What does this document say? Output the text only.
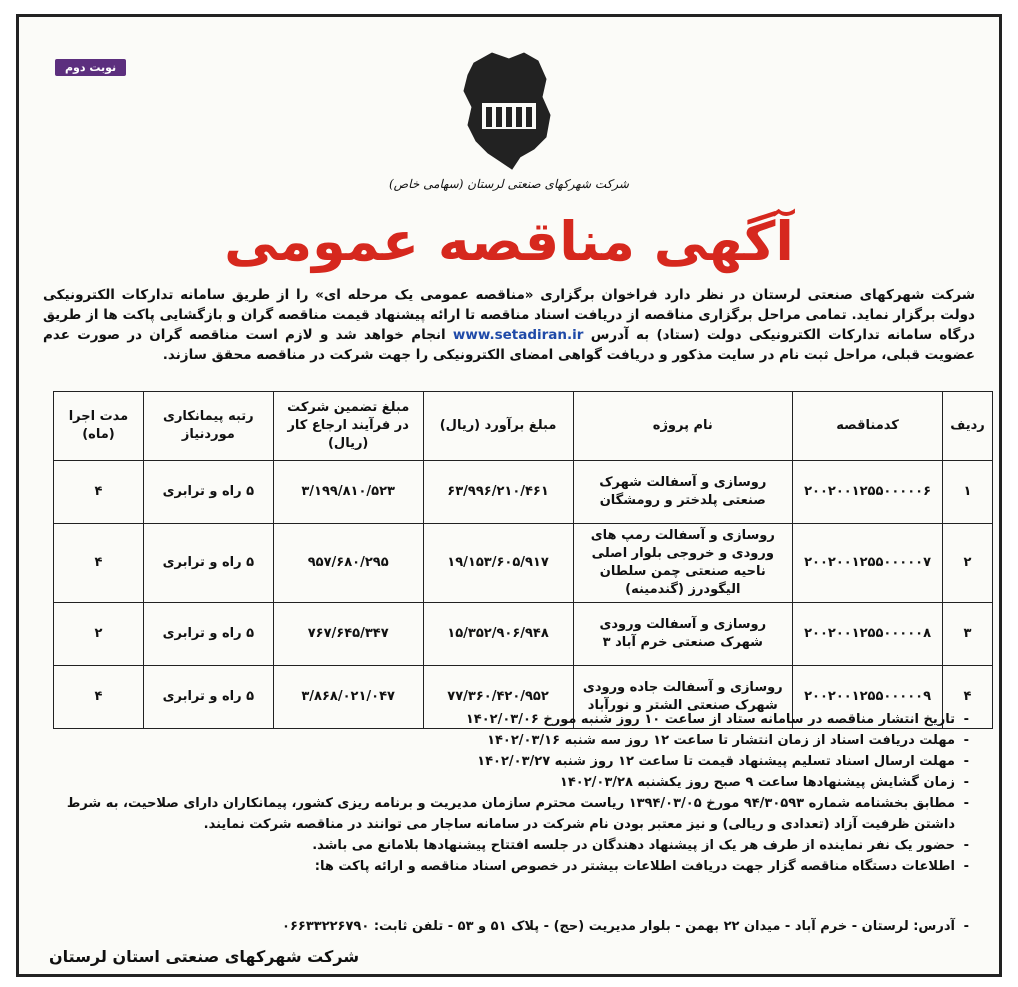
نوبت دوم
شرکت شهرکهای صنعتی لرستان (سهامی خاص)
آگهی مناقصه عمومی
شرکت شهرکهای صنعتی لرستان در نظر دارد فراخوان برگزاری «مناقصه عمومی یک مرحله ای» را از طریق سامانه تدارکات الکترونیکی دولت برگزار نماید. تمامی مراحل برگزاری مناقصه از دریافت اسناد مناقصه تا ارائه پیشنهاد قیمت مناقصه گران و بازگشایی پاکت ها از طریق درگاه سامانه تدارکات الکترونیکی دولت (ستاد) به آدرس www.setadiran.ir انجام خواهد شد و لازم است مناقصه گران در صورت عدم عضویت قبلی، مراحل ثبت نام در سایت مذکور و دریافت گواهی امضای الکترونیکی را جهت شرکت در مناقصه محقق سازند.
ردیف	کدمناقصه	نام پروژه	مبلغ برآورد (ریال)	مبلغ تضمین شرکت در فرآیند ارجاع کار (ریال)	رتبه پیمانکاری موردنیاز	مدت اجرا (ماه)
۱	۲۰۰۲۰۰۱۲۵۵۰۰۰۰۰۶	روسازی و آسفالت شهرک صنعتی پلدختر و رومشگان	۶۳/۹۹۶/۲۱۰/۴۶۱	۳/۱۹۹/۸۱۰/۵۲۳	۵ راه و ترابری	۴
۲	۲۰۰۲۰۰۱۲۵۵۰۰۰۰۰۷	روسازی و آسفالت رمپ های ورودی و خروجی بلوار اصلی ناحیه صنعتی چمن سلطان الیگودرز (گندمینه)	۱۹/۱۵۳/۶۰۵/۹۱۷	۹۵۷/۶۸۰/۲۹۵	۵ راه و ترابری	۴
۳	۲۰۰۲۰۰۱۲۵۵۰۰۰۰۰۸	روسازی و آسفالت ورودی شهرک صنعتی خرم آباد ۳	۱۵/۳۵۲/۹۰۶/۹۴۸	۷۶۷/۶۴۵/۳۴۷	۵ راه و ترابری	۲
۴	۲۰۰۲۰۰۱۲۵۵۰۰۰۰۰۹	روسازی و آسفالت جاده ورودی شهرک صنعتی الشتر و نورآباد	۷۷/۳۶۰/۴۲۰/۹۵۲	۳/۸۶۸/۰۲۱/۰۴۷	۵ راه و ترابری	۴
- تاریخ انتشار مناقصه در سامانه ستاد از ساعت ۱۰ روز شنبه مورخ ۱۴۰۲/۰۳/۰۶
- مهلت دریافت اسناد از زمان انتشار تا ساعت ۱۲ روز سه شنبه ۱۴۰۲/۰۳/۱۶
- مهلت ارسال اسناد تسلیم پیشنهاد قیمت تا ساعت ۱۲ روز شنبه ۱۴۰۲/۰۳/۲۷
- زمان گشایش پیشنهادها ساعت ۹ صبح روز یکشنبه ۱۴۰۲/۰۳/۲۸
- مطابق بخشنامه شماره ۹۴/۳۰۵۹۳ مورخ ۱۳۹۴/۰۳/۰۵ ریاست محترم سازمان مدیریت و برنامه ریزی کشور، پیمانکاران دارای صلاحیت، به شرط داشتن ظرفیت آزاد (تعدادی و ریالی) و نیز معتبر بودن نام شرکت در سامانه ساجار می توانند در مناقصه شرکت نمایند.
- حضور یک نفر نماینده از طرف هر یک از پیشنهاد دهندگان در جلسه افتتاح پیشنهادها بلامانع می باشد.
- اطلاعات دستگاه مناقصه گزار جهت دریافت اطلاعات بیشتر در خصوص اسناد مناقصه و ارائه پاکت ها:
- آدرس: لرستان - خرم آباد - میدان ۲۲ بهمن - بلوار مدیریت (حج) - پلاک ۵۱ و ۵۳ - تلفن ثابت: ۰۶۶۳۳۲۲۶۷۹۰
شرکت شهرکهای صنعتی استان لرستان
